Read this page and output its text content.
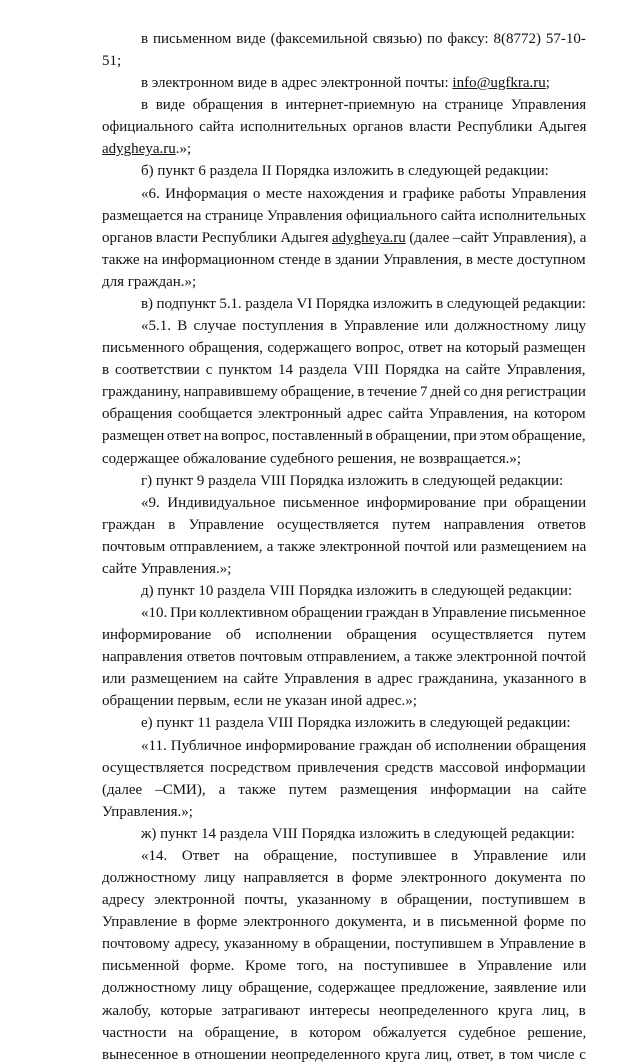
в письменном виде (факсемильной связью) по факсу: 8(8772) 57-10-
51;
в электронном виде в адрес электронной почты: info@ugfkra.ru;
в виде обращения в интернет-приемную на странице Управления
официального сайта исполнительных органов власти Республики Адыгея
adygheya.ru.»;
б) пункт 6 раздела II Порядка изложить в следующей редакции:
«6. Информация о месте нахождения и графике работы Управления
размещается на странице Управления официального сайта исполнительных
органов власти Республики Адыгея adygheya.ru (далее –сайт Управления), а
также на информационном стенде в здании Управления, в месте доступном
для граждан.»;
в) подпункт 5.1. раздела VI Порядка изложить в следующей редакции:
«5.1. В случае поступления в Управление или должностному лицу
письменного обращения, содержащего вопрос, ответ на который размещен
в соответствии с пунктом 14 раздела VIII Порядка на сайте Управления,
гражданину, направившему обращение, в течение 7 дней со дня регистрации
обращения сообщается электронный адрес сайта Управления, на котором
размещен ответ на вопрос, поставленный в обращении, при этом обращение,
содержащее обжалование судебного решения, не возвращается.»;
г) пункт 9 раздела VIII Порядка изложить в следующей редакции:
«9. Индивидуальное письменное информирование при обращении
граждан в Управление осуществляется путем направления ответов
почтовым отправлением, а также электронной почтой или размещением на
сайте Управления.»;
д) пункт 10 раздела VIII Порядка изложить в следующей редакции:
«10. При коллективном обращении граждан в Управление письменное
информирование об исполнении обращения осуществляется путем
направления ответов почтовым отправлением, а также электронной почтой
или размещением на сайте Управления в адрес гражданина, указанного в
обращении первым, если не указан иной адрес.»;
е) пункт 11 раздела VIII Порядка изложить в следующей редакции:
«11. Публичное информирование граждан об исполнении обращения
осуществляется посредством привлечения средств массовой информации
(далее –СМИ), а также путем размещения информации на сайте
Управления.»;
ж) пункт 14 раздела VIII Порядка изложить в следующей редакции:
«14. Ответ на обращение, поступившее в Управление или
должностному лицу направляется в форме электронного документа по
адресу электронной почты, указанному в обращении, поступившем в
Управление в форме электронного документа, и в письменной форме по
почтовому адресу, указанному в обращении, поступившем в Управление в
письменной форме. Кроме того, на поступившее в Управление или
должностному лицу обращение, содержащее предложение, заявление или
жалобу, которые затрагивают интересы неопределенного круга лиц, в
частности на обращение, в котором обжалуется судебное решение,
вынесенное в отношении неопределенного круга лиц, ответ, в том числе с
